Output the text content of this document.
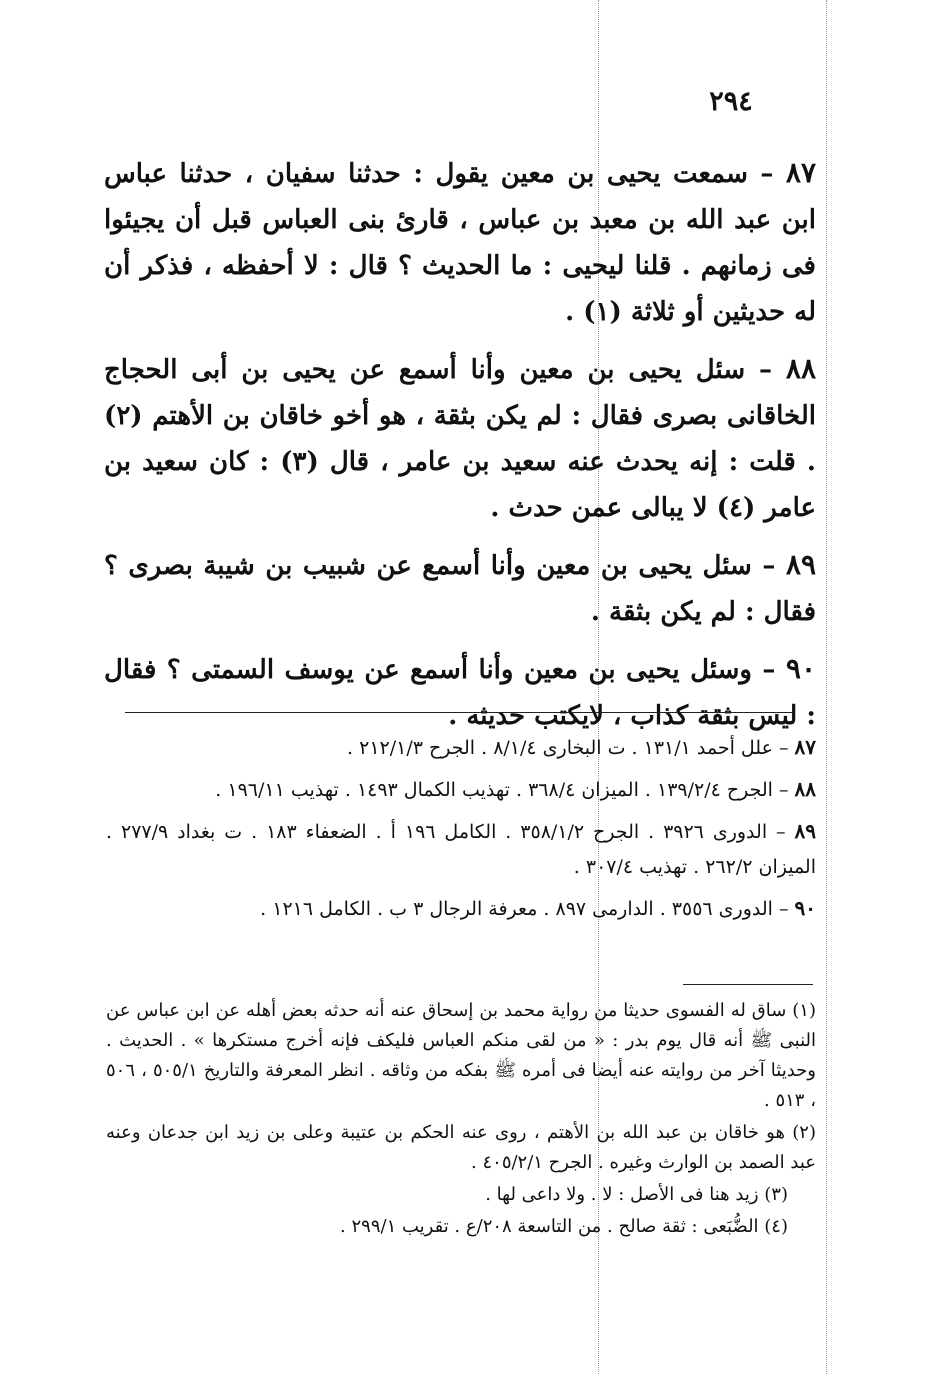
٢٩٤

٨٧ – سمعت يحيى بن معين يقول : حدثنا سفيان ، حدثنا عباس ابن عبد الله بن معبد بن عباس ، قارئ بنى العباس قبل أن يجيئوا فى زمانهم . قلنا ليحيى : ما الحديث ؟ قال : لا أحفظه ، فذكر أن له حديثين أو ثلاثة (١) .

٨٨ – سئل يحيى بن معين وأنا أسمع عن يحيى بن أبى الحجاج الخاقانى بصرى فقال : لم يكن بثقة ، هو أخو خاقان بن الأهتم (٢) . قلت : إنه يحدث عنه سعيد بن عامر ، قال (٣) : كان سعيد بن عامر (٤) لا يبالى عمن حدث .

٨٩ – سئل يحيى بن معين وأنا أسمع عن شبيب بن شيبة بصرى ؟ فقال : لم يكن بثقة .

٩٠ – وسئل يحيى بن معين وأنا أسمع عن يوسف السمتى ؟ فقال : ليس بثقة كذاب ، لايكتب حديثه .

٨٧ – علل أحمد ١٣١/١ . ت البخارى ٨/١/٤ . الجرح ٢١٢/١/٣ .

٨٨ – الجرح ١٣٩/٢/٤ . الميزان ٣٦٨/٤ . تهذيب الكمال ١٤٩٣ . تهذيب ١٩٦/١١ .

٨٩ – الدورى ٣٩٢٦ . الجرح ٣٥٨/١/٢ . الكامل ١٩٦ أ . الضعفاء ١٨٣ . ت بغداد ٢٧٧/٩ . الميزان ٢٦٢/٢ . تهذيب ٣٠٧/٤ .

٩٠ – الدورى ٣٥٥٦ . الدارمى ٨٩٧ . معرفة الرجال ٣ ب . الكامل ١٢١٦ .

(١) ساق له الفسوى حديثا من رواية محمد بن إسحاق عنه أنه حدثه بعض أهله عن ابن عباس عن النبى ﷺ أنه قال يوم بدر : « من لقى منكم العباس فليكف فإنه أخرج مستكرها » . الحديث . وحديثا آخر من روايته عنه أيضا فى أمره ﷺ بفكه من وثاقه . انظر المعرفة والتاريخ ٥٠٥/١ ، ٥٠٦ ، ٥١٣ .

(٢) هو خاقان بن عبد الله بن الأهتم ، روى عنه الحكم بن عتيبة وعلى بن زيد ابن جدعان وعنه عبد الصمد بن الوارث وغيره . الجرح ٤٠٥/٢/١ .

(٣) زيد هنا فى الأصل : لا . ولا داعى لها .

(٤) الضُّبَعى : ثقة صالح . من التاسعة ٢٠٨/ع . تقريب ٢٩٩/١ .
